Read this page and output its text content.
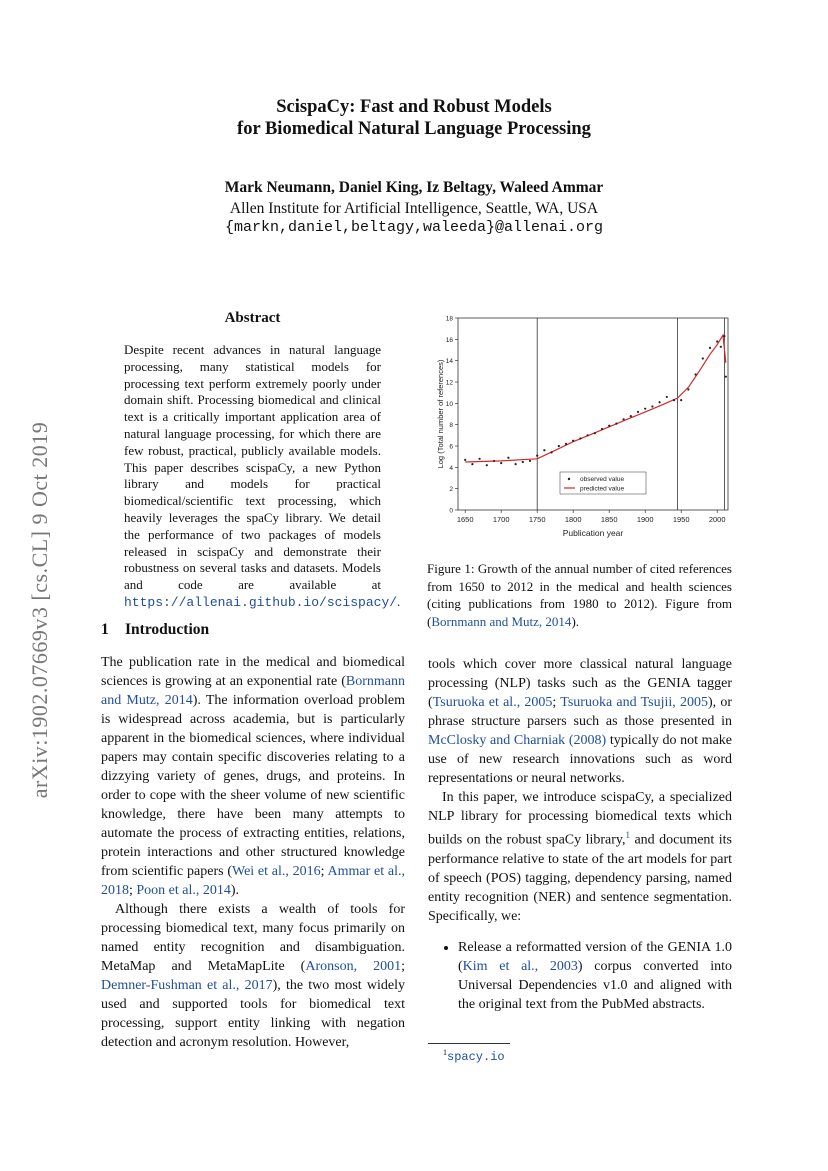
ScispaCy: Fast and Robust Models
for Biomedical Natural Language Processing
Mark Neumann, Daniel King, Iz Beltagy, Waleed Ammar
Allen Institute for Artificial Intelligence, Seattle, WA, USA
{markn,daniel,beltagy,waleeda}@allenai.org
arXiv:1902.07669v3 [cs.CL] 9 Oct 2019
Abstract
Despite recent advances in natural language processing, many statistical models for processing text perform extremely poorly under domain shift. Processing biomedical and clinical text is a critically important application area of natural language processing, for which there are few robust, practical, publicly available models. This paper describes scispaCy, a new Python library and models for practical biomedical/scientific text processing, which heavily leverages the spaCy library. We detail the performance of two packages of models released in scispaCy and demonstrate their robustness on several tasks and datasets. Models and code are available at https://allenai.github.io/scispacy/.
1 Introduction

The publication rate in the medical and biomedical sciences is growing at an exponential rate (Bornmann and Mutz, 2014). The information overload problem is widespread across academia, but is particularly apparent in the biomedical sciences, where individual papers may contain specific discoveries relating to a dizzying variety of genes, drugs, and proteins. In order to cope with the sheer volume of new scientific knowledge, there have been many attempts to automate the process of extracting entities, relations, protein interactions and other structured knowledge from scientific papers (Wei et al., 2016; Ammar et al., 2018; Poon et al., 2014).

Although there exists a wealth of tools for processing biomedical text, many focus primarily on named entity recognition and disambiguation. MetaMap and MetaMapLite (Aronson, 2001; Demner-Fushman et al., 2017), the two most widely used and supported tools for biomedical text processing, support entity linking with negation detection and acronym resolution. However,

0
2
4
6
8
10
12
14
16
18
1650	1700	1750	1800	1850	1900	1950	2000
Publication year
Log (Total number of references)
observed value
predicted value
Figure 1: Growth of the annual number of cited references from 1650 to 2012 in the medical and health sciences (citing publications from 1980 to 2012). Figure from (Bornmann and Mutz, 2014).

tools which cover more classical natural language processing (NLP) tasks such as the GENIA tagger (Tsuruoka et al., 2005; Tsuruoka and Tsujii, 2005), or phrase structure parsers such as those presented in McClosky and Charniak (2008) typically do not make use of new research innovations such as word representations or neural networks.

In this paper, we introduce scispaCy, a specialized NLP library for processing biomedical texts which builds on the robust spaCy library,$^1$ and document its performance relative to state of the art models for part of speech (POS) tagging, dependency parsing, named entity recognition (NER) and sentence segmentation. Specifically, we:

• Release a reformatted version of the GENIA 1.0 (Kim et al., 2003) corpus converted into Universal Dependencies v1.0 and aligned with the original text from the PubMed abstracts.
$^1$spacy.io
